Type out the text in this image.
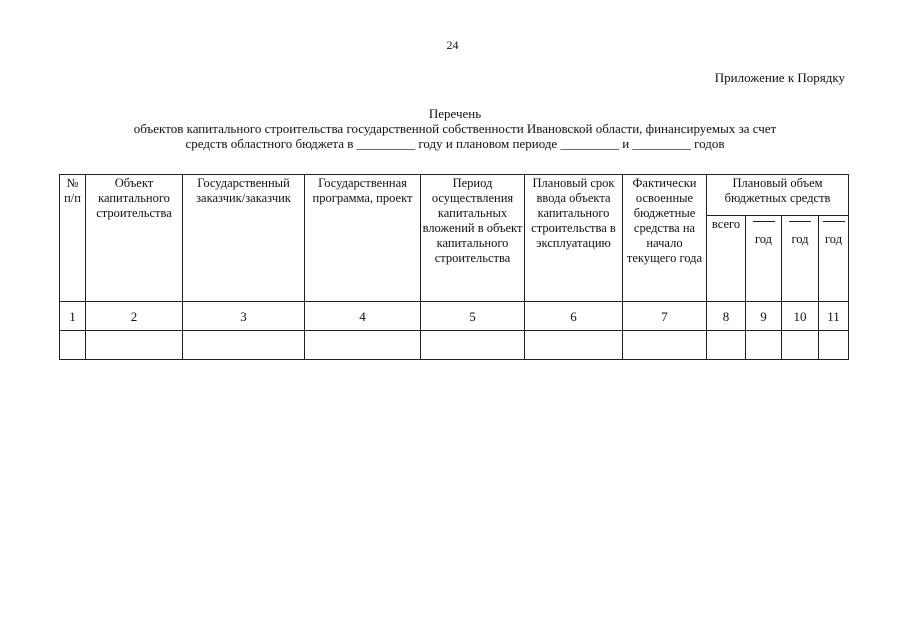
24
Приложение к Порядку
Перечень
объектов капитального строительства государственной собственности Ивановской области, финансируемых за счет
средств областного бюджета в _________ году и плановом периоде _________ и _________ годов
№ п/п	Объект капитального строительства	Государственный заказчик/заказчик	Государственная программа, проект	Период осуществления капитальных вложений в объект капитального строительства	Плановый срок ввода объекта капитального строительства в эксплуатацию	Фактически освоенные бюджетные средства на начало текущего года	Плановый объем бюджетных средств			
							всего	год	год	год
1	2	3	4	5	6	7	8	9	10	11
